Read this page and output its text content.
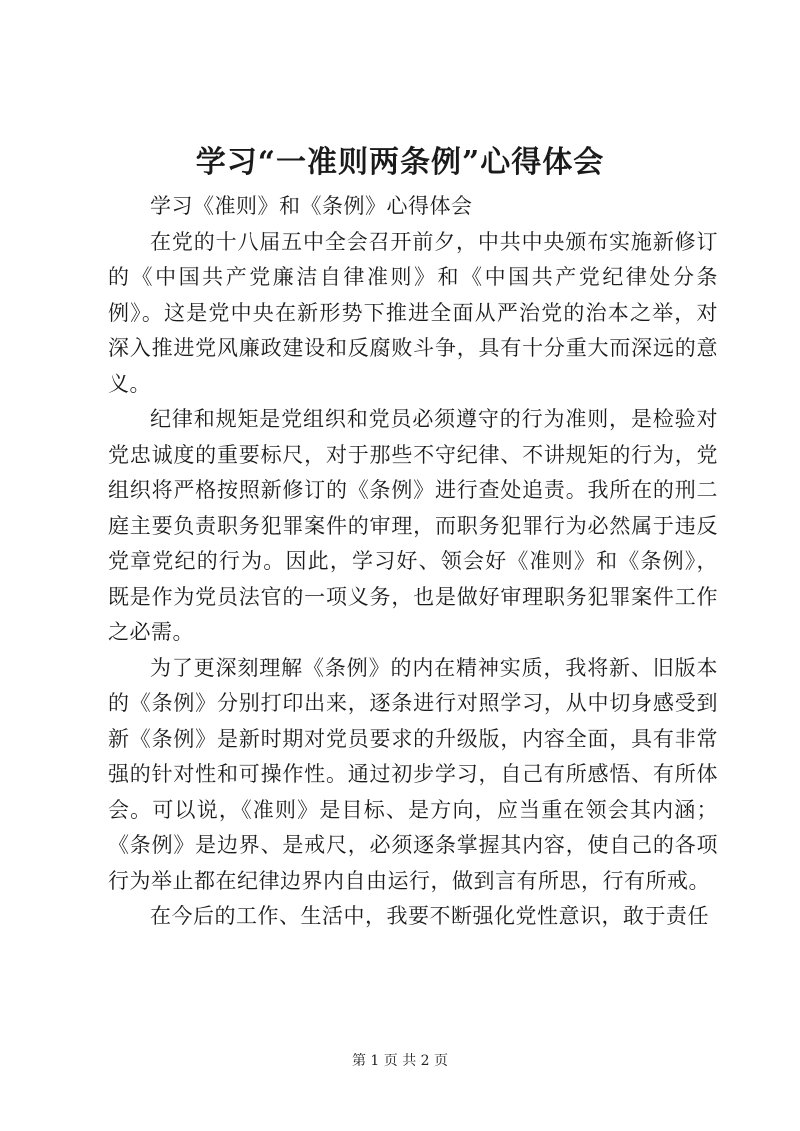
学习“一准则两条例”心得体会

学习《准则》和《条例》心得体会

在党的十八届五中全会召开前夕，中共中央颁布实施新修订的《中国共产党廉洁自律准则》和《中国共产党纪律处分条例》。这是党中央在新形势下推进全面从严治党的治本之举，对深入推进党风廉政建设和反腐败斗争，具有十分重大而深远的意义。

纪律和规矩是党组织和党员必须遵守的行为准则，是检验对党忠诚度的重要标尺，对于那些不守纪律、不讲规矩的行为，党组织将严格按照新修订的《条例》进行查处追责。我所在的刑二庭主要负责职务犯罪案件的审理，而职务犯罪行为必然属于违反党章党纪的行为。因此，学习好、领会好《准则》和《条例》，既是作为党员法官的一项义务，也是做好审理职务犯罪案件工作之必需。

为了更深刻理解《条例》的内在精神实质，我将新、旧版本的《条例》分别打印出来，逐条进行对照学习，从中切身感受到新《条例》是新时期对党员要求的升级版，内容全面，具有非常强的针对性和可操作性。通过初步学习，自己有所感悟、有所体会。可以说，《准则》是目标、是方向，应当重在领会其内涵；《条例》是边界、是戒尺，必须逐条掌握其内容，使自己的各项行为举止都在纪律边界内自由运行，做到言有所思，行有所戒。

在今后的工作、生活中，我要不断强化党性意识，敢于责任

第 1 页 共 2 页
